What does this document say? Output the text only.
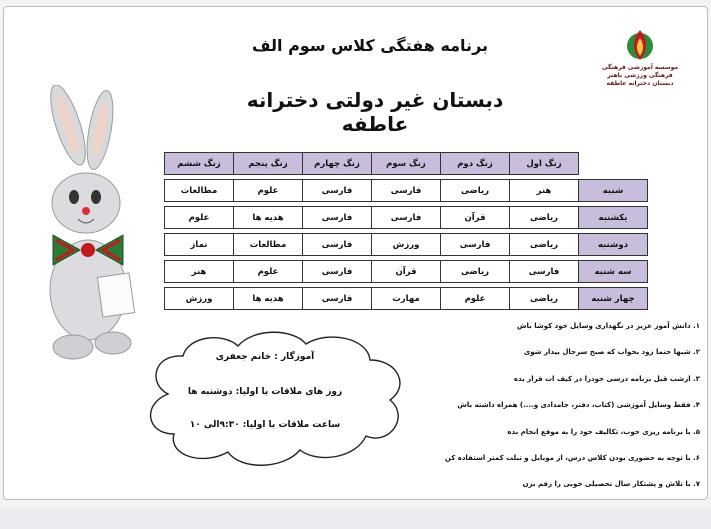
برنامه هفتگی کلاس سوم الف
دبستان غیر دولتی دخترانه عاطفه
موسسه آموزشی فرهنگی
فرهنگی ورزشی باهنر
دبستان دخترانه عاطفه
	زنگ اول	زنگ دوم	زنگ سوم	زنگ چهارم	زنگ پنجم	زنگ ششم

شنبه	هنر	ریاضی	فارسی	فارسی	علوم	مطالعات

یکشنبه	ریاضی	قرآن	فارسی	فارسی	هدیه ها	علوم

دوشنبه	ریاضی	فارسی	ورزش	فارسی	مطالعات	نماز

سه شنبه	فارسی	ریاضی	قرآن	فارسی	علوم	هنر

چهار شنبه	ریاضی	علوم	مهارت	فارسی	هدیه ها	ورزش
آموزگار : خانم جعفری
روز های ملاقات با اولیا: دوشنبه ها
ساعت ملاقات با اولیا: ۹:۳۰الی ۱۰

۱. دانش آموز عزیز در نگهداری وسایل خود کوشا باش

۲. شبها حتما زود بخواب که صبح سرحال بیدار شوی

۳. ازشب قبل برنامه درسی خودرا در کیف ات قرار بده

۴. فقط وسایل آموزشی (کتاب، دفتر، جامدادی و....) همراه داشته باش

۵. با برنامه ریزی خوب، تکالیف خود را به موقع انجام بده

۶. با توجه به حضوری بودن کلاس درس، از موبایل و تبلت کمتر استفاده کن

۷. با تلاش و پشتکار سال تحصیلی خوبی را رقم بزن
